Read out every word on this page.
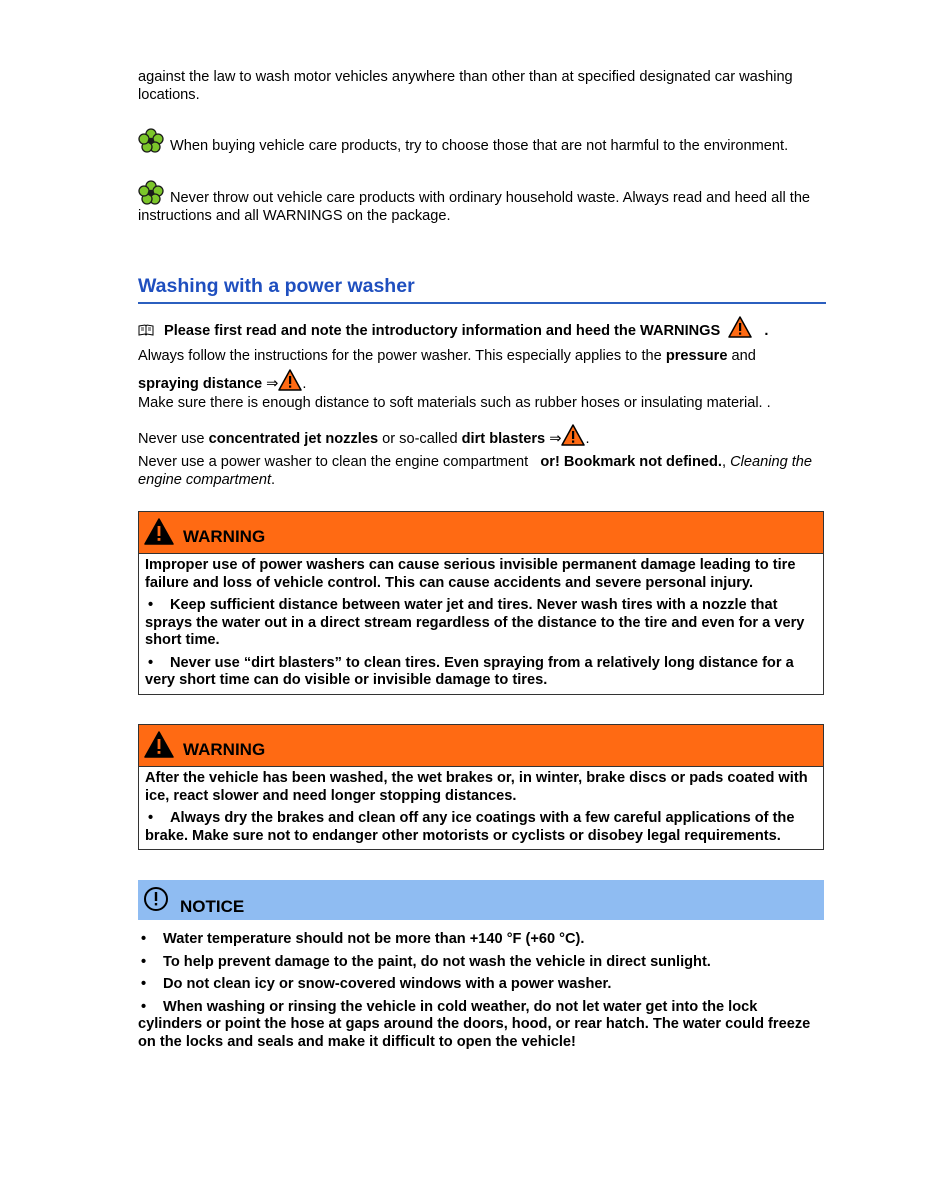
against the law to wash motor vehicles anywhere than other than at specified designated car washing locations.
When buying vehicle care products, try to choose those that are not harmful to the environment.
Never throw out vehicle care products with ordinary household waste. Always read and heed all the instructions and all WARNINGS on the package.
Washing with a power washer
Please first read and note the introductory information and heed the WARNINGS	.
Always follow the instructions for the power washer. This especially applies to the pressure and
spraying distance ⇒ .
Make sure there is enough distance to soft materials such as rubber hoses or insulating material. .
Never use concentrated jet nozzles or so-called dirt blasters ⇒ .
Never use a power washer to clean the engine compartment   or! Bookmark not defined., Cleaning the engine compartment.
WARNING

Improper use of power washers can cause serious invisible permanent damage leading to tire failure and loss of vehicle control. This can cause accidents and severe personal injury.

• Keep sufficient distance between water jet and tires. Never wash tires with a nozzle that sprays the water out in a direct stream regardless of the distance to the tire and even for a very short time.

• Never use “dirt blasters” to clean tires. Even spraying from a relatively long distance for a very short time can do visible or invisible damage to tires.

WARNING

After the vehicle has been washed, the wet brakes or, in winter, brake discs or pads coated with ice, react slower and need longer stopping distances.

• Always dry the brakes and clean off any ice coatings with a few careful applications of the brake. Make sure not to endanger other motorists or cyclists or disobey legal requirements.

NOTICE

• Water temperature should not be more than +140 °F (+60 °C).

• To help prevent damage to the paint, do not wash the vehicle in direct sunlight.

• Do not clean icy or snow-covered windows with a power washer.

• When washing or rinsing the vehicle in cold weather, do not let water get into the lock cylinders or point the hose at gaps around the doors, hood, or rear hatch. The water could freeze on the locks and seals and make it difficult to open the vehicle!
